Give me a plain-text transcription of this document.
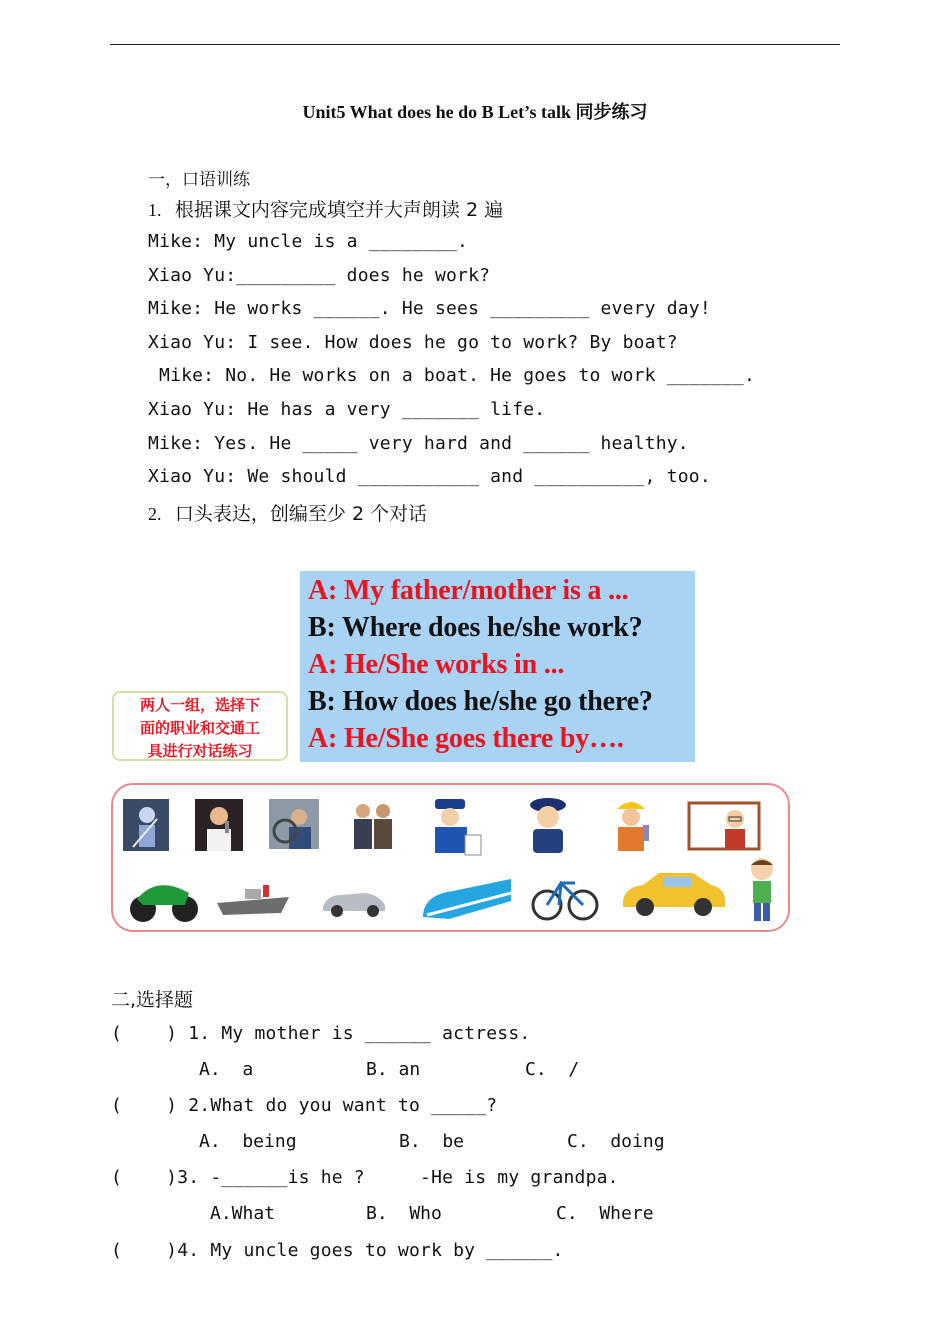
Unit5 What does he do B Let’s talk 同步练习
一，口语训练
1. 根据课文内容完成填空并大声朗读 2 遍
Mike: My uncle is a ________.
Xiao Yu:_________ does he work?
Mike: He works ______. He sees _________ every day!
Xiao Yu: I see. How does he go to work? By boat?
Mike: No. He works on a boat. He goes to work _______.
Xiao Yu: He has a very _______ life.
Mike: Yes. He _____ very hard and ______ healthy.
Xiao Yu: We should ___________ and __________, too.
2. 口头表达，创编至少 2 个对话
A: My father/mother is a ...
B: Where does he/she work?
A: He/She works in ...
B: How does he/she go there?
A: He/She goes there by….
两人一组，选择下
面的职业和交通工
具进行对话练习
二,选择题
(    ) 1. My mother is ______ actress.
A.  a	B. an	C.  /
(    ) 2.What do you want to _____?
A.  being	B.  be	C.  doing
(    )3. -______is he ?     -He is my grandpa.
A.What	B.  Who	C.  Where
(    )4. My uncle goes to work by ______.
